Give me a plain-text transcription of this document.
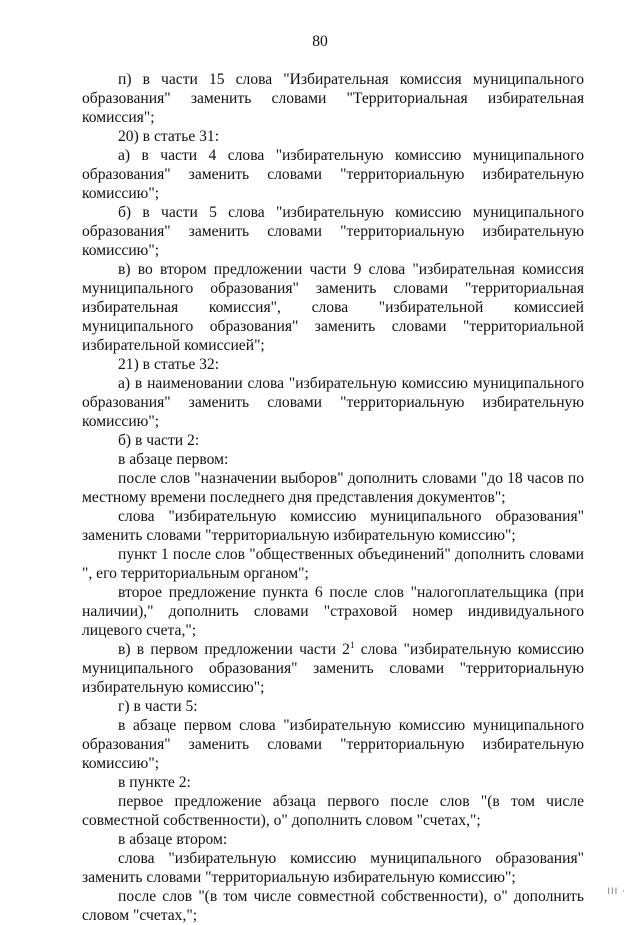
80

п) в части 15 слова "Избирательная комиссия муниципального образования" заменить словами "Территориальная избирательная комиссия";

20) в статье 31:

а) в части 4 слова "избирательную комиссию муниципального образования" заменить словами "территориальную избирательную комиссию";

б) в части 5 слова "избирательную комиссию муниципального образования" заменить словами "территориальную избирательную комиссию";

в) во втором предложении части 9 слова "избирательная комиссия муниципального образования" заменить словами "территориальная избирательная комиссия", слова "избирательной комиссией муниципального образования" заменить словами "территориальной избирательной комиссией";

21) в статье 32:

а) в наименовании слова "избирательную комиссию муниципального образования" заменить словами "территориальную избирательную комиссию";

б) в части 2:

в абзаце первом:

после слов "назначении выборов" дополнить словами "до 18 часов по местному времени последнего дня представления документов";

слова "избирательную комиссию муниципального образования" заменить словами "территориальную избирательную комиссию";

пункт 1 после слов "общественных объединений" дополнить словами ", его территориальным органом";

второе предложение пункта 6 после слов "налогоплательщика (при наличии)," дополнить словами "страховой номер индивидуального лицевого счета,";

в) в первом предложении части $2^1$ слова "избирательную комиссию муниципального образования" заменить словами "территориальную избирательную комиссию";

г) в части 5:

в абзаце первом слова "избирательную комиссию муниципального образования" заменить словами "территориальную избирательную комиссию";

в пункте 2:

первое предложение абзаца первого после слов "(в том числе совместной собственности), о" дополнить словом "счетах,";

в абзаце втором:

слова "избирательную комиссию муниципального образования" заменить словами "территориальную избирательную комиссию";

после слов "(в том числе совместной собственности), о" дополнить словом "счетах,";

ІІІ ·
